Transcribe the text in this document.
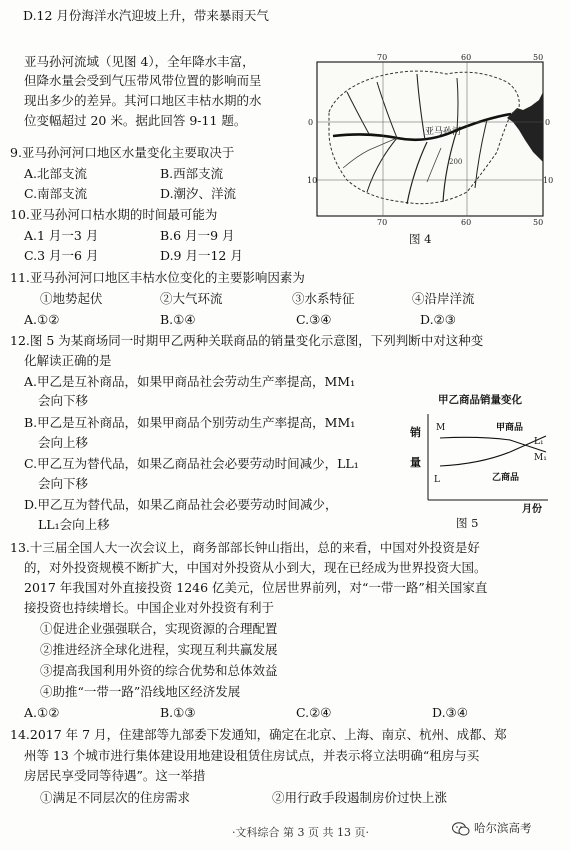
D.12 月份海洋水汽迎坡上升，带来暴雨天气
亚马孙河流域（见图 4），全年降水丰富，
但降水量会受到气压带风带位置的影响而呈
现出多少的差异。其河口地区丰枯水期的水
位变幅超过 20 米。据此回答 9-11 题。
70	60	50
70	60	50
0
10
0
10
亚马孙河
200
图 4
9.亚马孙河河口地区水量变化主要取决于
A.北部支流	B.西部支流
C.南部支流	D.潮汐、洋流
10.亚马孙河口枯水期的时间最可能为
A.1 月一3 月	B.6 月一9 月
C.3 月一6 月	D.9 月一12 月
11.亚马孙河河口地区丰枯水位变化的主要影响因素为
①地势起伏	②大气环流	③水系特征	④沿岸洋流
A.①②	B.①④	C.③④	D.②③
12.图 5 为某商场同一时期甲乙两种关联商品的销量变化示意图，下列判断中对这种变
化解读正确的是
A.甲乙是互补商品，如果甲商品社会劳动生产率提高，MM₁
会向下移
B.甲乙是互补商品，如果甲商品个别劳动生产率提高，MM₁
会向上移
C.甲乙互为替代品，如果乙商品社会必要劳动时间减少，LL₁
会向下移
D.甲乙互为替代品，如果乙商品社会必要劳动时间减少，
LL₁会向上移
甲乙商品销量变化
销
量
M
L
甲商品
L₁
M₁
乙商品
月份
图 5
13.十三届全国人大一次会议上，商务部部长钟山指出，总的来看，中国对外投资是好
的，对外投资规模不断扩大，中国对外投资从小到大，现在已经成为世界投资大国。
2017 年我国对外直接投资 1246 亿美元，位居世界前列，对“一带一路”相关国家直
接投资也持续增长。中国企业对外投资有利于
①促进企业强强联合，实现资源的合理配置
②推进经济全球化进程，实现互利共赢发展
③提高我国利用外资的综合优势和总体效益
④助推“一带一路”沿线地区经济发展
A.①②	B.①③	C.②④	D.③④
14.2017 年 7 月，住建部等九部委下发通知，确定在北京、上海、南京、杭州、成都、郑
州等 13 个城市进行集体建设用地建设租赁住房试点，并表示将立法明确“租房与买
房居民享受同等待遇”。这一举措
①满足不同层次的住房需求	②用行政手段遏制房价过快上涨
·文科综合 第 3 页 共 13 页·	哈尔滨高考
